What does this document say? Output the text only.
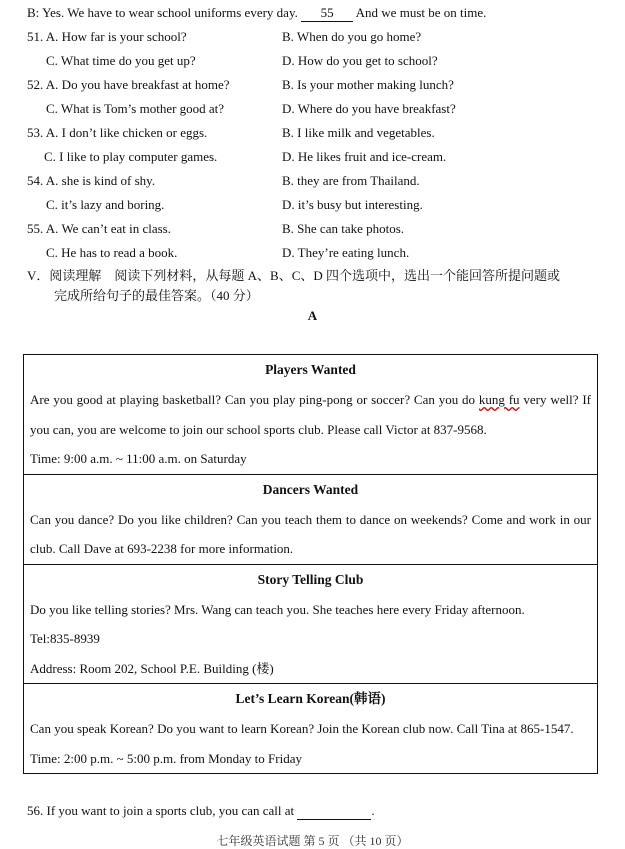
B: Yes. We have to wear school uniforms every day. 55 And we must be on time.
51. A. How far is your school?	B. When do you go home?
C. What time do you get up?	D. How do you get to school?
52. A. Do you have breakfast at home?	B. Is your mother making lunch?
C. What is Tom’s mother good at?	D. Where do you have breakfast?
53. A. I don’t like chicken or eggs.	B. I like milk and vegetables.
C. I like to play computer games.	D. He likes fruit and ice-cream.
54. A. she is kind of shy.	B. they are from Thailand.
C. it’s lazy and boring.	D. it’s busy but interesting.
55. A. We can’t eat in class.	B. She can take photos.
C. He has to read a book.	D. They’re eating lunch.
V．阅读理解　阅读下列材料，从每题 A、B、C、D 四个选项中，选出一个能回答所提问题或
完成所给句子的最佳答案。（40 分）
A
Players Wanted
Are you good at playing basketball? Can you play ping-pong or soccer? Can you do kung fu very well? If you can, you are welcome to join our school sports club. Please call Victor at 837-9568.
Time: 9:00 a.m. ~ 11:00 a.m. on Saturday

Dancers Wanted
Can you dance? Do you like children? Can you teach them to dance on weekends? Come and work in our club. Call Dave at 693-2238 for more information.

Story Telling Club
Do you like telling stories? Mrs. Wang can teach you. She teaches here every Friday afternoon.
Tel:835-8939
Address: Room 202, School P.E. Building (楼)

Let’s Learn Korean(韩语)
Can you speak Korean? Do you want to learn Korean? Join the Korean club now. Call Tina at 865-1547.
Time: 2:00 p.m. ~ 5:00 p.m. from Monday to Friday
56. If you want to join a sports club, you can call at	.
七年级英语试题 第 5 页 （共 10 页）
